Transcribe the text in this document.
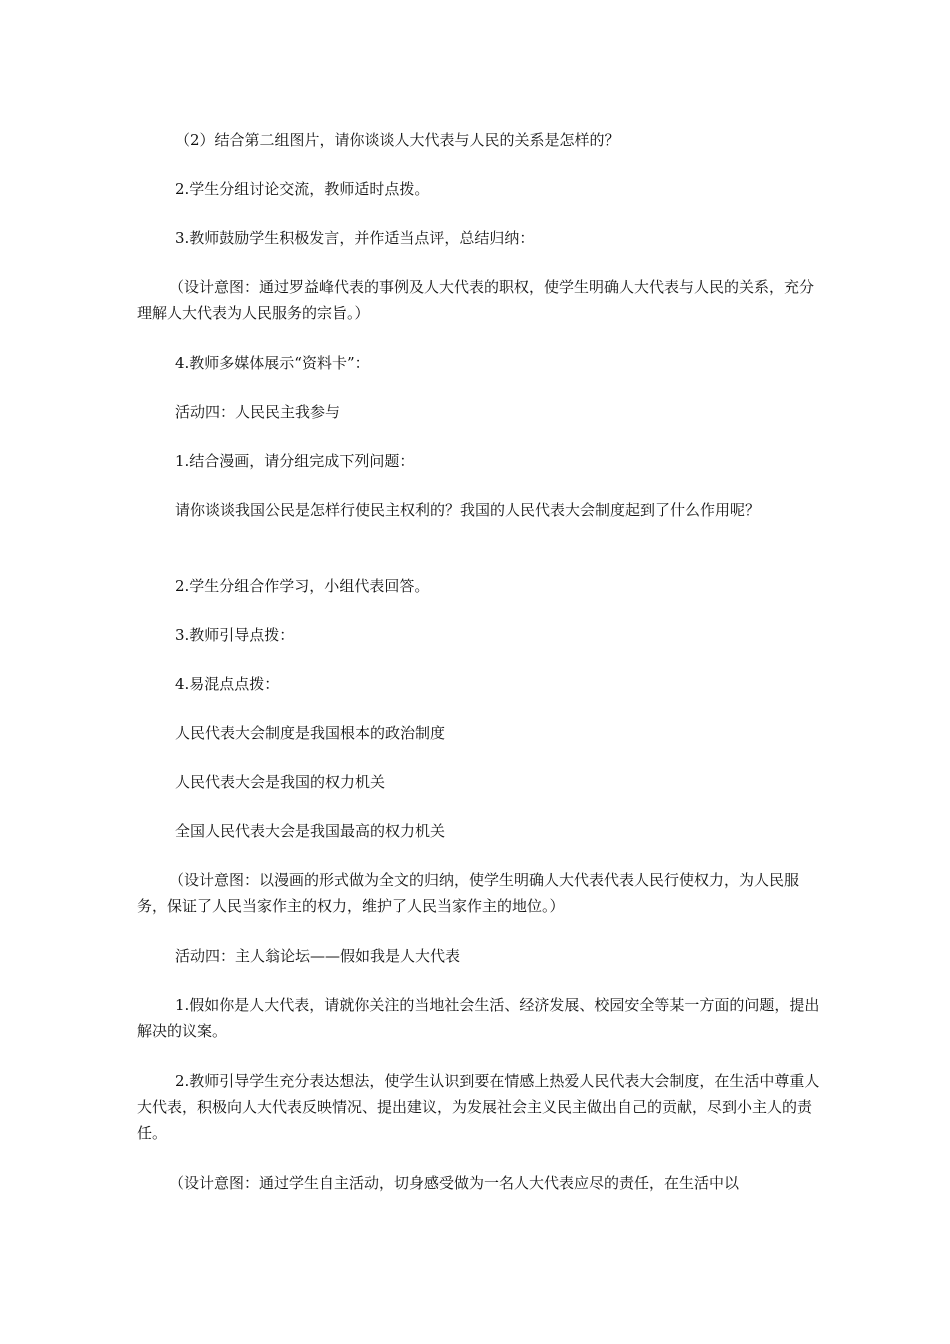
（2）结合第二组图片，请你谈谈人大代表与人民的关系是怎样的？

2.学生分组讨论交流，教师适时点拨。

3.教师鼓励学生积极发言，并作适当点评，总结归纳：

（设计意图：通过罗益峰代表的事例及人大代表的职权，使学生明确人大代表与人民的关系，充分理解人大代表为人民服务的宗旨。）

4.教师多媒体展示“资料卡”：

活动四：人民民主我参与

1.结合漫画，请分组完成下列问题：

请你谈谈我国公民是怎样行使民主权利的？我国的人民代表大会制度起到了什么作用呢？

2.学生分组合作学习，小组代表回答。

3.教师引导点拨：

4.易混点点拨：

人民代表大会制度是我国根本的政治制度

人民代表大会是我国的权力机关

全国人民代表大会是我国最高的权力机关

（设计意图：以漫画的形式做为全文的归纳，使学生明确人大代表代表人民行使权力，为人民服务，保证了人民当家作主的权力，维护了人民当家作主的地位。）

活动四：主人翁论坛——假如我是人大代表

1.假如你是人大代表，请就你关注的当地社会生活、经济发展、校园安全等某一方面的问题，提出解决的议案。

2.教师引导学生充分表达想法，使学生认识到要在情感上热爱人民代表大会制度，在生活中尊重人大代表，积极向人大代表反映情况、提出建议，为发展社会主义民主做出自己的贡献，尽到小主人的责任。

（设计意图：通过学生自主活动，切身感受做为一名人大代表应尽的责任，在生活中以
